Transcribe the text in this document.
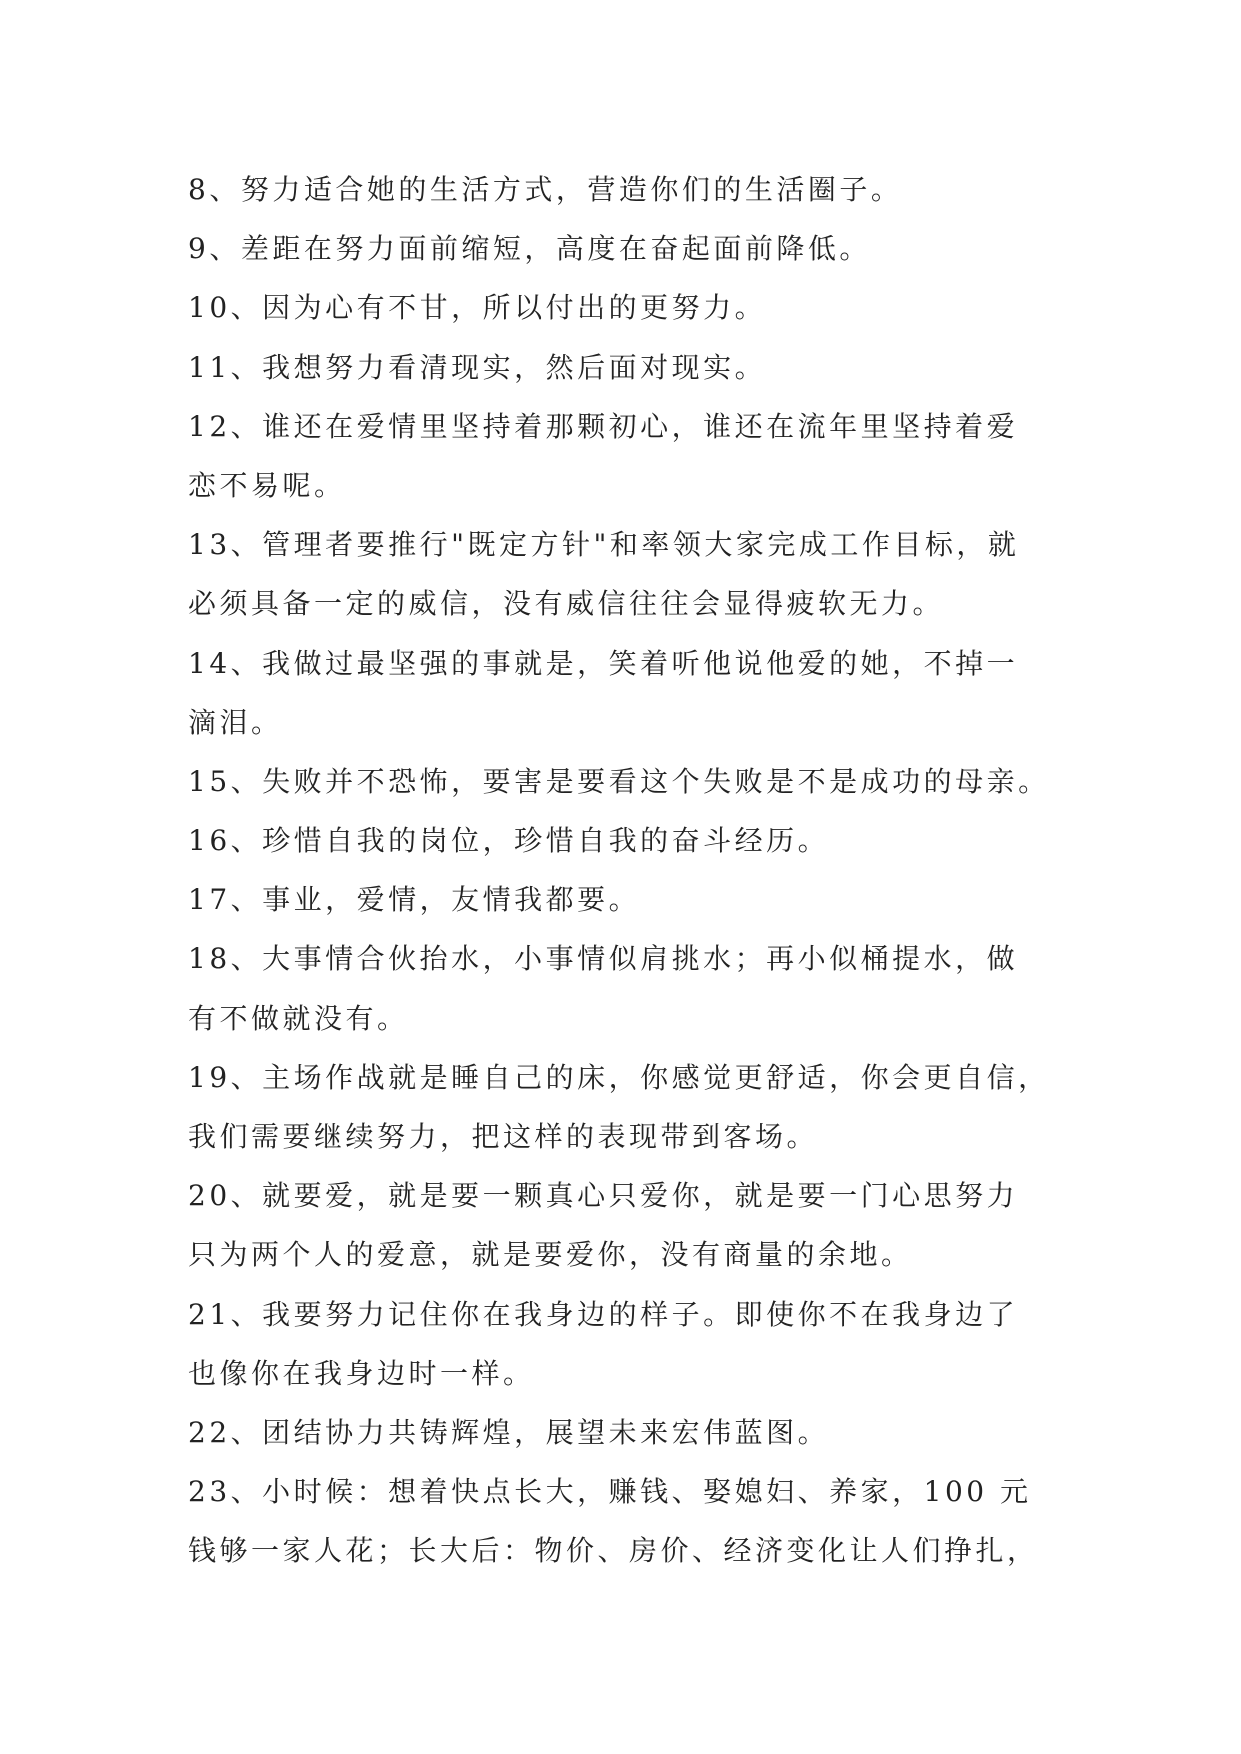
8、努力适合她的生活方式，营造你们的生活圈子。
9、差距在努力面前缩短，高度在奋起面前降低。
10、因为心有不甘，所以付出的更努力。
11、我想努力看清现实，然后面对现实。
12、谁还在爱情里坚持着那颗初心，谁还在流年里坚持着爱
恋不易呢。
13、管理者要推行"既定方针"和率领大家完成工作目标，就
必须具备一定的威信，没有威信往往会显得疲软无力。
14、我做过最坚强的事就是，笑着听他说他爱的她，不掉一
滴泪。
15、失败并不恐怖，要害是要看这个失败是不是成功的母亲。
16、珍惜自我的岗位，珍惜自我的奋斗经历。
17、事业，爱情，友情我都要。
18、大事情合伙抬水，小事情似肩挑水；再小似桶提水，做
有不做就没有。
19、主场作战就是睡自己的床，你感觉更舒适，你会更自信，
我们需要继续努力，把这样的表现带到客场。
20、就要爱，就是要一颗真心只爱你，就是要一门心思努力
只为两个人的爱意，就是要爱你，没有商量的余地。
21、我要努力记住你在我身边的样子。即使你不在我身边了
也像你在我身边时一样。
22、团结协力共铸辉煌，展望未来宏伟蓝图。
23、小时候：想着快点长大，赚钱、娶媳妇、养家，100 元
钱够一家人花；长大后：物价、房价、经济变化让人们挣扎，
